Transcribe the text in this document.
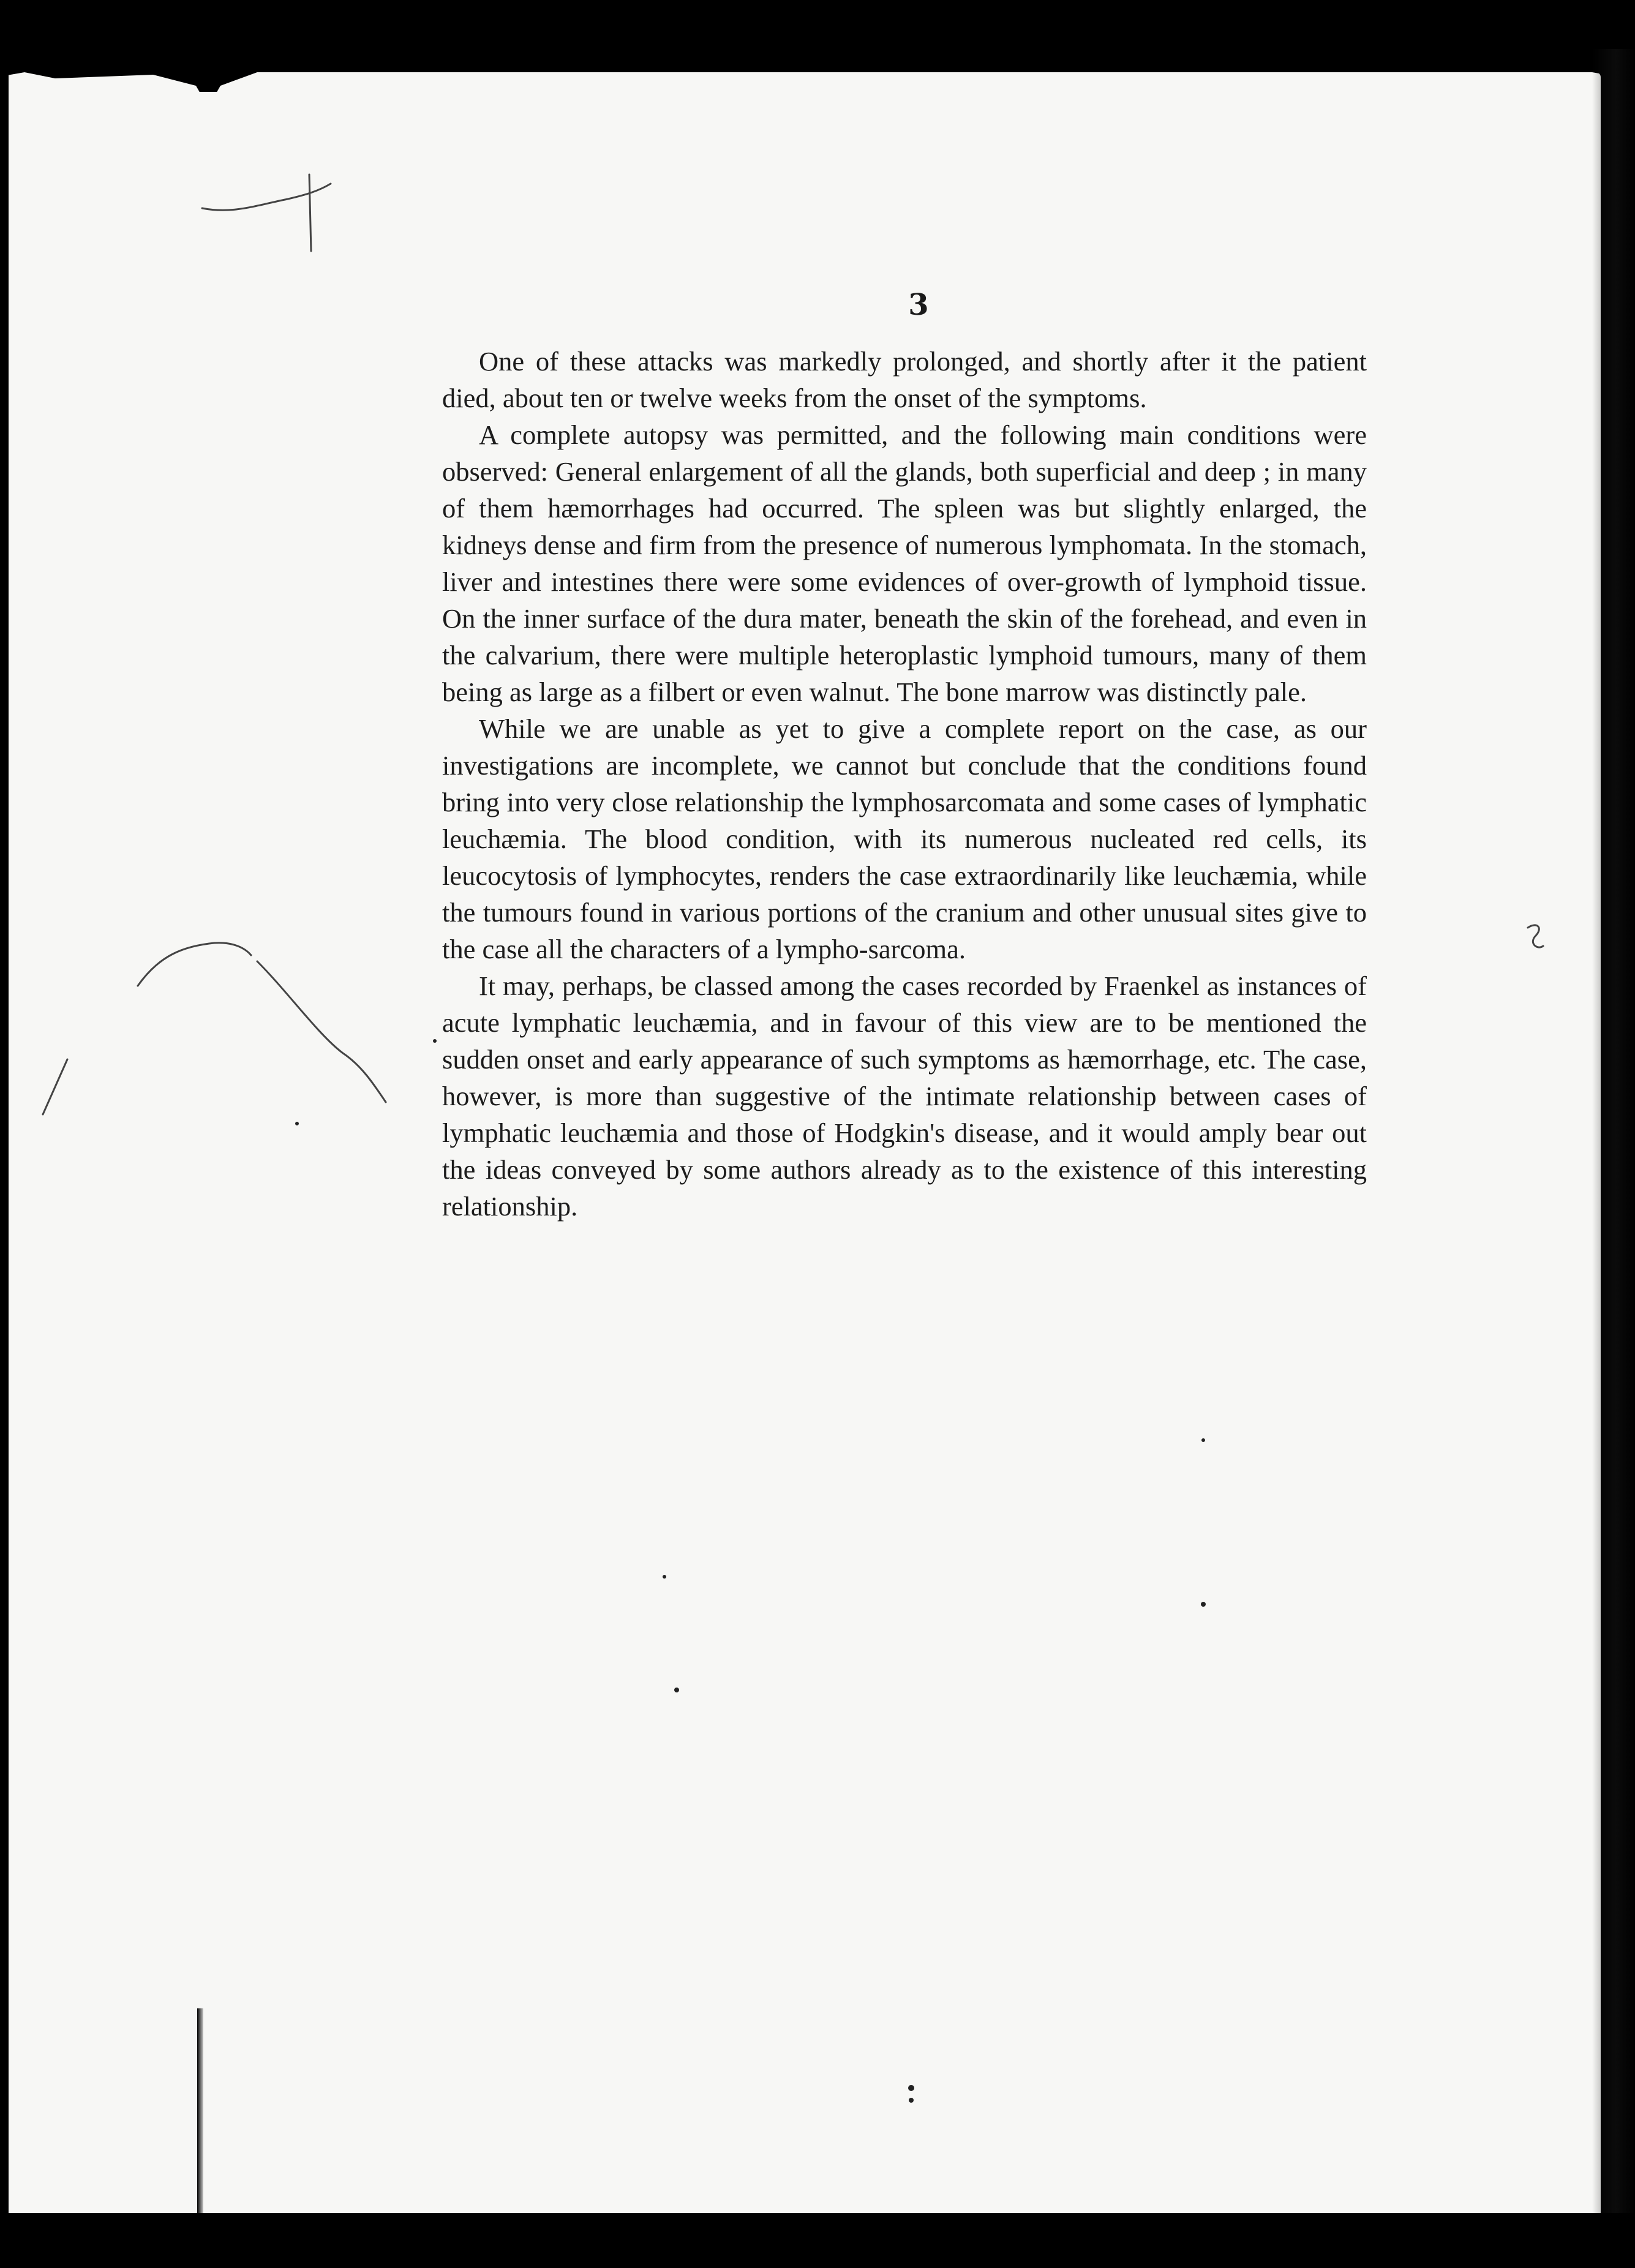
3

One of these attacks was markedly prolonged, and shortly after it the patient died, about ten or twelve weeks from the onset of the symptoms.

A complete autopsy was permitted, and the following main conditions were observed: General enlargement of all the glands, both superficial and deep ; in many of them hæmorrhages had occurred. The spleen was but slightly enlarged, the kidneys dense and firm from the presence of numerous lymphomata. In the stomach, liver and intestines there were some evidences of over-growth of lymphoid tissue. On the inner surface of the dura mater, beneath the skin of the forehead, and even in the calvarium, there were multiple heteroplastic lymphoid tumours, many of them being as large as a filbert or even walnut. The bone marrow was distinctly pale.

While we are unable as yet to give a complete report on the case, as our investigations are incomplete, we cannot but conclude that the conditions found bring into very close relationship the lymphosarcomata and some cases of lymphatic leuchæmia. The blood condition, with its numerous nucleated red cells, its leucocytosis of lymphocytes, renders the case extraordinarily like leuchæmia, while the tumours found in various portions of the cranium and other unusual sites give to the case all the characters of a lympho-sarcoma.

It may, perhaps, be classed among the cases recorded by Fraenkel as instances of acute lymphatic leuchæmia, and in favour of this view are to be mentioned the sudden onset and early appearance of such symptoms as hæmorrhage, etc. The case, however, is more than suggestive of the intimate relationship between cases of lymphatic leuchæmia and those of Hodgkin's disease, and it would amply bear out the ideas conveyed by some authors already as to the existence of this interesting relationship.
